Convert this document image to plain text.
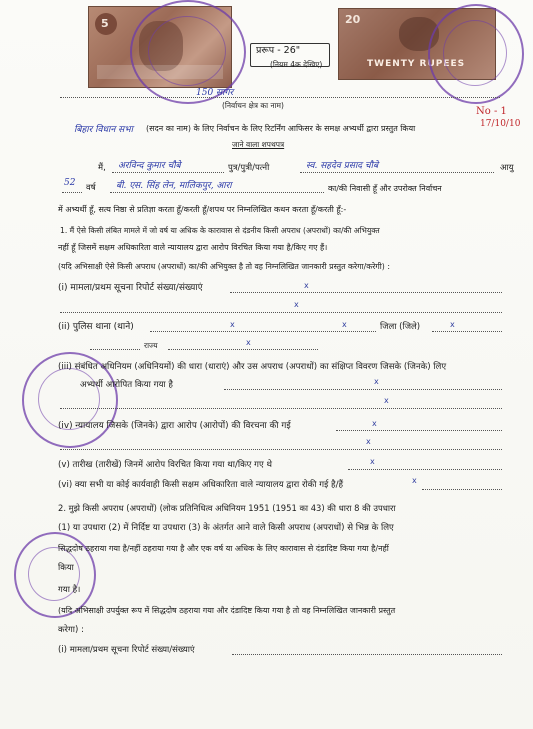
5	20
TWENTY RUPEES
प्ररूप - 26"
(नियम 4क देखिए)
No - 1
17/10/10
150 सागर
(निर्वाचन क्षेत्र का नाम)
बिहार विधान सभा (सदन का नाम) के लिए निर्वाचन के लिए रिटर्निंग आफिसर के समक्ष अभ्यर्थी द्वारा प्रस्तुत किया
जाने वाला शपथपत्र
मैं, अरविन्द कुमार चौबे	पुत्र/पुत्री/पत्नी	स्व. सहदेव प्रसाद चौबे	आयु
52 वर्ष बी. एस. सिंह लेन, मालिकपुर, आरा	का/की निवासी हूँ और उपरोक्त निर्वाचन
में अभ्यर्थी हूँ, सत्य निष्ठा से प्रतिज्ञा करता हूँ/करती हूँ/शपथ पर निम्नलिखित कथन करता हूँ/करती हूँ:-
1. मैं ऐसे किसी लंबित मामले में जो वर्ष या अधिक के कारावास से दंडनीय किसी अपराध (अपराधों) का/की अभियुक्त
नहीं हूँ जिसमें सक्षम अधिकारिता वाले न्यायालय द्वारा आरोप विरचित किया गया है/किए गए हैं।
(यदि अभिसाक्षी ऐसे किसी अपराध (अपराधों) का/की अभियुक्त है तो वह निम्नलिखित जानकारी प्रस्तुत करेगा/करेगी) :
(i) मामला/प्रथम सूचना रिपोर्ट संख्या/संख्याएं	x
x
(ii) पुलिस थाना (थाने)	x	x	जिला (जिले)	x
राज्य	x
(iii) संबंधित अधिनियम (अधिनियमों) की धारा (धाराएं) और उस अपराध (अपराधों) का संक्षिप्त विवरण जिसके (जिनके) लिए
अभ्यर्थी आरोपित किया गया है	x
x
(iv) न्यायालय जिसके (जिनके) द्वारा आरोप (आरोपों) की विरचना की गई	x
x
(v) तारीख (तारीखें) जिनमें आरोप विरचित किया गया था/किए गए थे	x
(vi) क्या सभी या कोई कार्यवाही किसी सक्षम अधिकारिता वाले न्यायालय द्वारा रोकी गई है/हैं	x
2. मुझे किसी अपराध (अपराधों) (लोक प्रतिनिधित्व अधिनियम 1951 (1951 का 43) की धारा 8 की उपधारा
(1) या उपधारा (2) में निर्दिष्ट या उपधारा (3) के अंतर्गत आने वाले किसी अपराध (अपराधों) से भिन्न के लिए
सिद्धदोष ठहराया गया है/नहीं ठहराया गया है और एक वर्ष या अधिक के लिए कारावास से दंडादिष्ट किया गया है/नहीं
किया
गया है।
(यदि अभिसाक्षी उपर्युक्त रूप में सिद्धदोष ठहराया गया और दंडादिष्ट किया गया है तो वह निम्नलिखित जानकारी प्रस्तुत
करेगा) :
(i) मामला/प्रथम सूचना रिपोर्ट संख्या/संख्याएं
